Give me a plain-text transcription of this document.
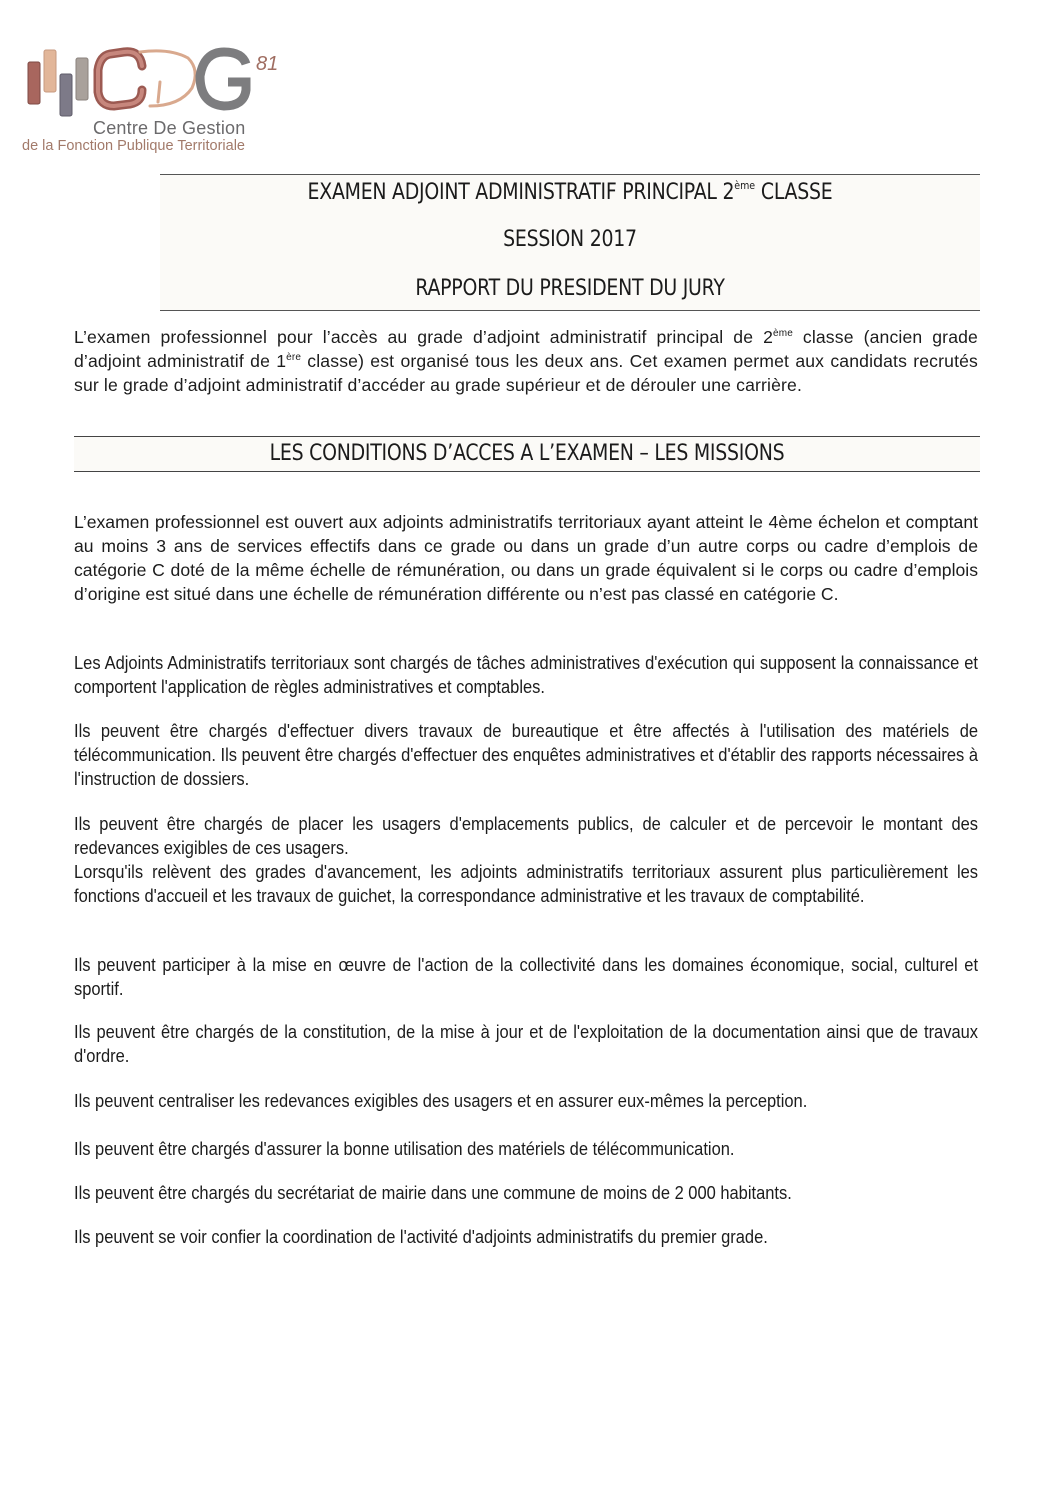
81
Centre De Gestion
de la Fonction Publique Territoriale
EXAMEN ADJOINT ADMINISTRATIF PRINCIPAL 2ème CLASSE
SESSION 2017
RAPPORT DU PRESIDENT DU JURY
L’examen professionnel pour l’accès au grade d’adjoint administratif principal de 2ème classe (ancien grade d’adjoint administratif de 1ère classe) est organisé tous les deux ans. Cet examen permet aux candidats recrutés sur le grade d’adjoint administratif d’accéder au grade supérieur et de dérouler une carrière.
LES CONDITIONS D’ACCES A L’EXAMEN – LES MISSIONS
L’examen professionnel est ouvert aux adjoints administratifs territoriaux ayant atteint le 4ème échelon et comptant au moins 3 ans de services effectifs dans ce grade ou dans un grade d’un autre corps ou cadre d’emplois de catégorie C doté de la même échelle de rémunération, ou dans un grade équivalent si le corps ou cadre d’emplois d’origine est situé dans une échelle de rémunération différente ou n’est pas classé en catégorie C.
Les Adjoints Administratifs territoriaux sont chargés de tâches administratives d'exécution qui supposent la connaissance et comportent l'application de règles administratives et comptables.
Ils peuvent être chargés d'effectuer divers travaux de bureautique et être affectés à l'utilisation des matériels de télécommunication. Ils peuvent être chargés d'effectuer des enquêtes administratives et d'établir des rapports nécessaires à l'instruction de dossiers.
Ils peuvent être chargés de placer les usagers d'emplacements publics, de calculer et de percevoir le montant des redevances exigibles de ces usagers.
Lorsqu'ils relèvent des grades d'avancement, les adjoints administratifs territoriaux assurent plus particulièrement les fonctions d'accueil et les travaux de guichet, la correspondance administrative et les travaux de comptabilité.
Ils peuvent participer à la mise en œuvre de l'action de la collectivité dans les domaines économique, social, culturel et sportif.
Ils peuvent être chargés de la constitution, de la mise à jour et de l'exploitation de la documentation ainsi que de travaux d'ordre.
Ils peuvent centraliser les redevances exigibles des usagers et en assurer eux-mêmes la perception.
Ils peuvent être chargés d'assurer la bonne utilisation des matériels de télécommunication.
Ils peuvent être chargés du secrétariat de mairie dans une commune de moins de 2 000 habitants.
Ils peuvent se voir confier la coordination de l'activité d'adjoints administratifs du premier grade.
